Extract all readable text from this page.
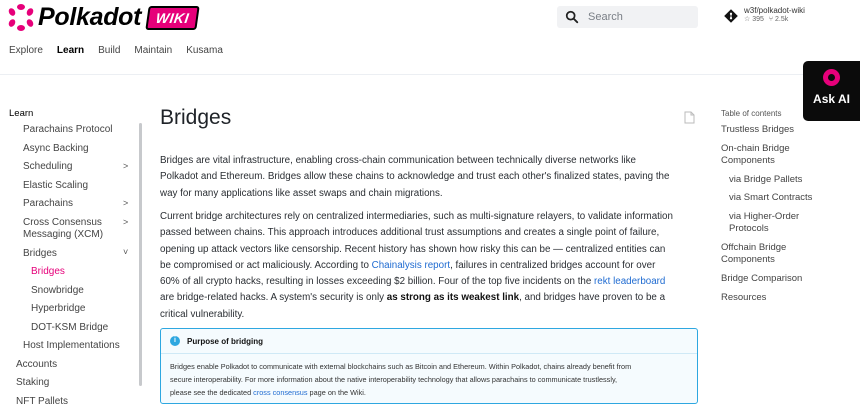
Polkadot WIKI	Search
w3f/polkadot-wiki
☆ 395 ⑂ 2.5k
Explore Learn Build Maintain Kusama
Ask AI
Learn
Parachains Protocol
Async Backing
Scheduling	>
Elastic Scaling
Parachains	>
Cross Consensus
Messaging (XCM)
>
Bridges	˅
Bridges
Snowbridge
Hyperbridge
DOT-KSM Bridge
Host Implementations
Accounts
Staking
NFT Pallets
Bridges
Bridges are vital infrastructure, enabling cross-chain communication between technically diverse networks like
Polkadot and Ethereum. Bridges allow these chains to acknowledge and trust each other's finalized states, paving the
way for many applications like asset swaps and chain migrations.
Current bridge architectures rely on centralized intermediaries, such as multi-signature relayers, to validate information
passed between chains. This approach introduces additional trust assumptions and creates a single point of failure,
opening up attack vectors like censorship. Recent history has shown how risky this can be — centralized entities can
be compromised or act maliciously. According to Chainalysis report, failures in centralized bridges account for over
60% of all crypto hacks, resulting in losses exceeding $2 billion. Four of the top five incidents on the rekt leaderboard
are bridge-related hacks. A system's security is only as strong as its weakest link, and bridges have proven to be a
critical vulnerability.
i	Purpose of bridging
Bridges enable Polkadot to communicate with external blockchains such as Bitcoin and Ethereum. Within Polkadot, chains already benefit from
secure interoperability. For more information about the native interoperability technology that allows parachains to communicate trustlessly,
please see the dedicated cross consensus page on the Wiki.
Table of contents
Trustless Bridges
On-chain Bridge
Components
via Bridge Pallets
via Smart Contracts
via Higher-Order
Protocols
Offchain Bridge
Components
Bridge Comparison
Resources
